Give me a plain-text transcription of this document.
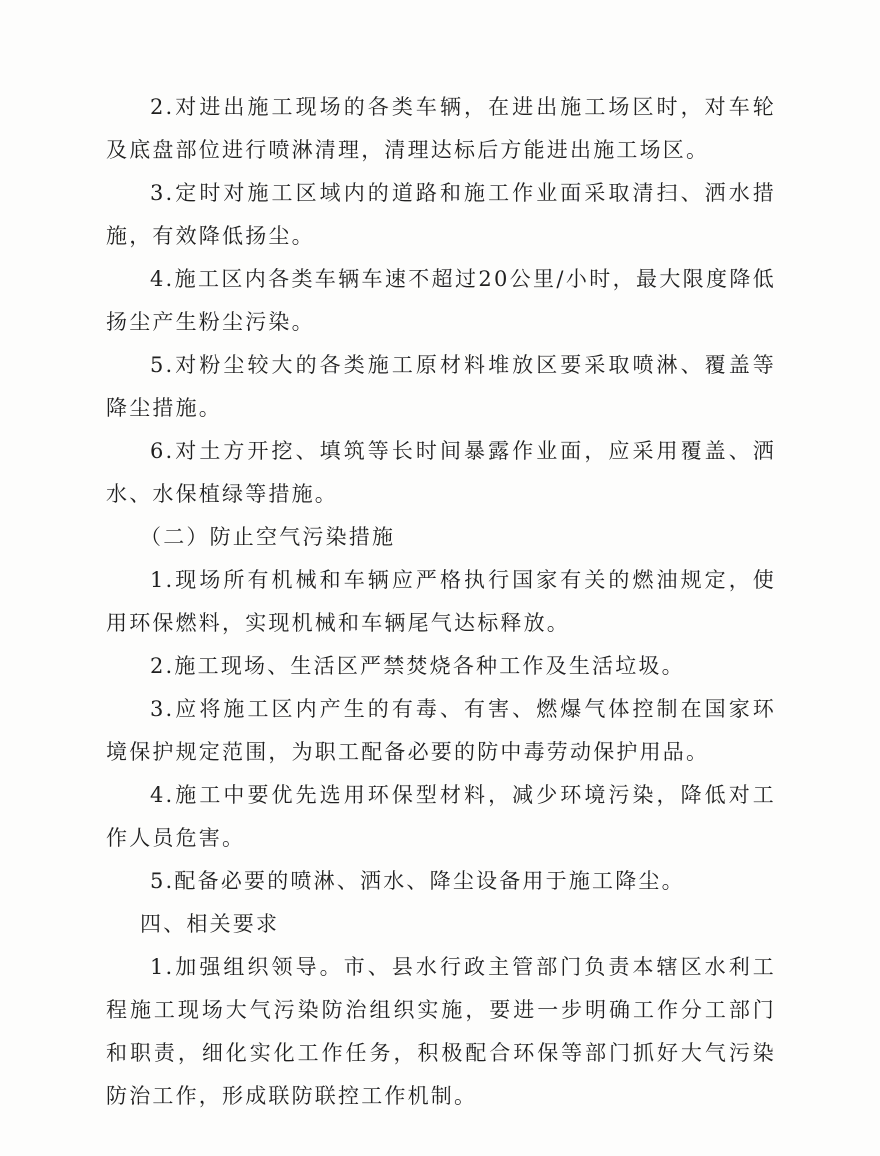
2.对进出施工现场的各类车辆，在进出施工场区时，对车轮及底盘部位进行喷淋清理，清理达标后方能进出施工场区。

3.定时对施工区域内的道路和施工作业面采取清扫、洒水措施，有效降低扬尘。

4.施工区内各类车辆车速不超过20公里/小时，最大限度降低扬尘产生粉尘污染。

5.对粉尘较大的各类施工原材料堆放区要采取喷淋、覆盖等降尘措施。

6.对土方开挖、填筑等长时间暴露作业面，应采用覆盖、洒水、水保植绿等措施。

（二）防止空气污染措施

1.现场所有机械和车辆应严格执行国家有关的燃油规定，使用环保燃料，实现机械和车辆尾气达标释放。

2.施工现场、生活区严禁焚烧各种工作及生活垃圾。

3.应将施工区内产生的有毒、有害、燃爆气体控制在国家环境保护规定范围，为职工配备必要的防中毒劳动保护用品。

4.施工中要优先选用环保型材料，减少环境污染，降低对工作人员危害。

5.配备必要的喷淋、洒水、降尘设备用于施工降尘。

四、相关要求

1.加强组织领导。市、县水行政主管部门负责本辖区水利工程施工现场大气污染防治组织实施，要进一步明确工作分工部门和职责，细化实化工作任务，积极配合环保等部门抓好大气污染防治工作，形成联防联控工作机制。
